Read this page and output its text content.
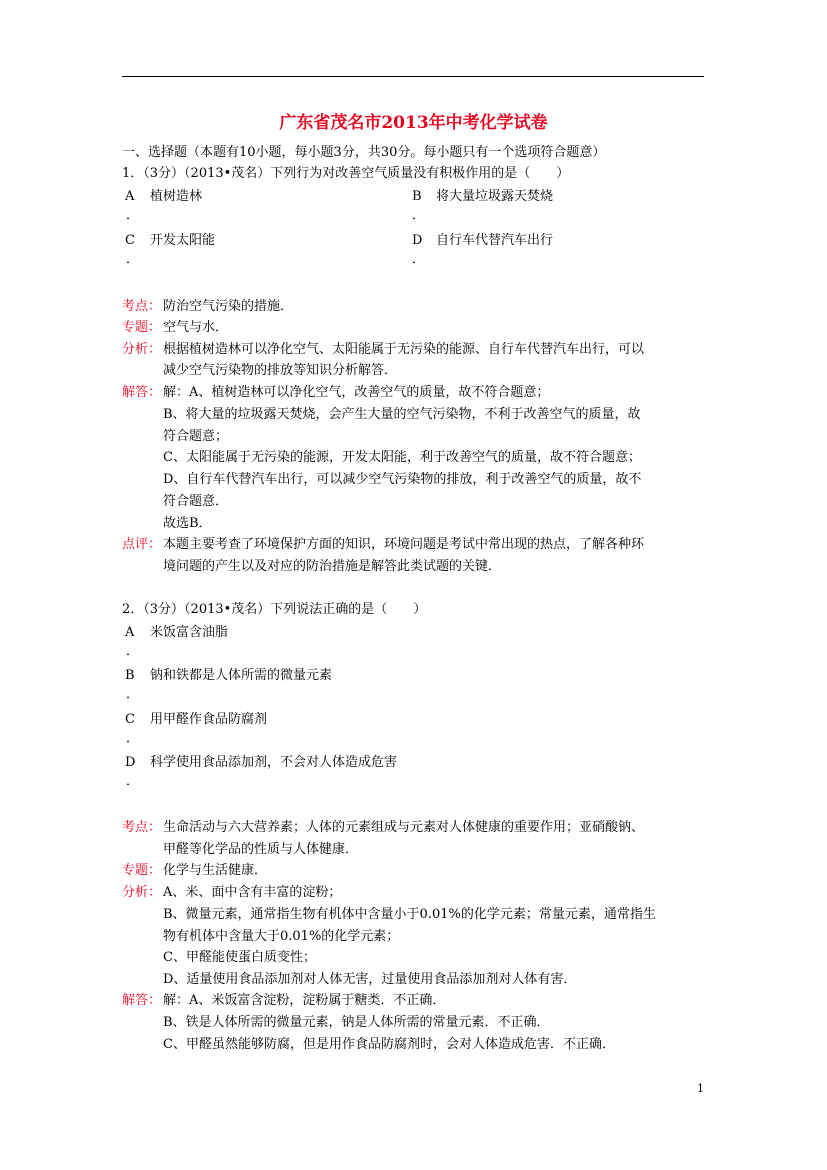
广东省茂名市2013年中考化学试卷
一、选择题（本题有10小题，每小题3分，共30分。每小题只有一个选项符合题意）
1．（3分）（2013•茂名）下列行为对改善空气质量没有积极作用的是（　　）
A 植树造林
．
B 将大量垃圾露天焚烧
．
C 开发太阳能
．
D 自行车代替汽车出行
．
考点： 防治空气污染的措施．
专题： 空气与水．
分析： 根据植树造林可以净化空气、太阳能属于无污染的能源、自行车代替汽车出行，可以
减少空气污染物的排放等知识分析解答．
解答： 解：A、植树造林可以净化空气，改善空气的质量，故不符合题意；
B、将大量的垃圾露天焚烧，会产生大量的空气污染物，不利于改善空气的质量，故
符合题意；
C、太阳能属于无污染的能源，开发太阳能，利于改善空气的质量，故不符合题意；
D、自行车代替汽车出行，可以减少空气污染物的排放，利于改善空气的质量，故不
符合题意．
故选B．
点评： 本题主要考查了环境保护方面的知识，环境问题是考试中常出现的热点，了解各种环
境问题的产生以及对应的防治措施是解答此类试题的关键．
2．（3分）（2013•茂名）下列说法正确的是（　　）
A 米饭富含油脂
．
B 钠和铁都是人体所需的微量元素
．
C 用甲醛作食品防腐剂
．
D 科学使用食品添加剂，不会对人体造成危害
．
考点： 生命活动与六大营养素；人体的元素组成与元素对人体健康的重要作用；亚硝酸钠、
甲醛等化学品的性质与人体健康．
专题： 化学与生活健康．
分析： A、米、面中含有丰富的淀粉；
B、微量元素，通常指生物有机体中含量小于0.01%的化学元素；常量元素，通常指生
物有机体中含量大于0.01%的化学元素；
C、甲醛能使蛋白质变性；
D、适量使用食品添加剂对人体无害，过量使用食品添加剂对人体有害．
解答： 解：A、米饭富含淀粉，淀粉属于糖类．不正确．
B、铁是人体所需的微量元素，钠是人体所需的常量元素．不正确．
C、甲醛虽然能够防腐，但是用作食品防腐剂时，会对人体造成危害．不正确．
1
